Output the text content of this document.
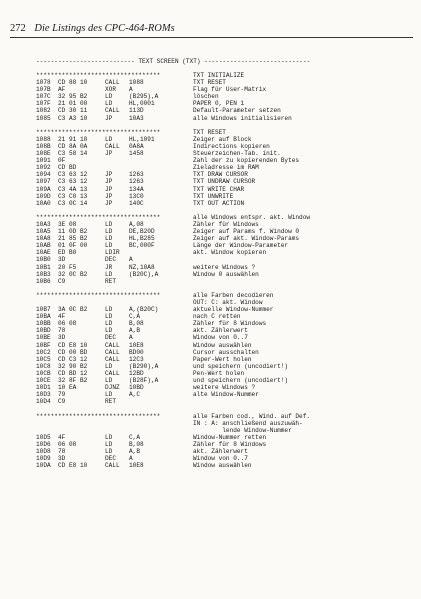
272 Die Listings des CPC-464-ROMs
--------------------------- TEXT SCREEN (TXT) -----------------------------
**********************************	TXT INITIALIZE
1078 CD 88 10	CALL 1088	TXT RESET
107B AF	XOR A	Flag für User-Matrix
107C 32 95 B2	LD	(B295),A	löschen
107F 21 01 00	LD	HL,0001	PAPER 0, PEN 1
1082 CD 30 11	CALL 113D	Default-Parameter setzen
1085 C3 A3 10	JP	10A3	alle Windows initialisieren
**********************************	TXT RESET
1088 21 91 10	LD	HL,1091	Zeiger auf Block
108B CD 8A 0A	CALL 0A8A	Indirections kopieren
108E C3 58 14	JP	1458	Steuerzeichen-Tab. init.
1091 0F	Zahl der zu kopierenden Bytes
1092 CD BD	Zieladresse im RAM
1094 C3 63 12	JP	1263	TXT DRAW CURSOR
1097 C3 63 12	JP	1263	TXT UNDRAW CURSOR
109A C3 4A 13	JP	134A	TXT WRITE CHAR
109D C3 C0 13	JP	13C0	TXT UNWRITE
10A0 C3 0C 14	JP	140C	TXT OUT ACTION
**********************************	alle Windows entspr. akt. Window
10A3 3E 08	LD	A,08	Zähler für Windows
10A5 11 0D B2	LD	DE,B20D	Zeiger auf Params f. Window 0
10A8 21 85 B2	LD	HL,B285	Zeiger auf akt. Window-Params
10AB 01 0F 00	LD	BC,000F	Länge der Window-Parameter
10AE ED B0	LDIR	akt. Window kopieren
10B0 3D	DEC A
10B1 20 F5	JR	NZ,10A8	weitere Windows ?
10B3 32 0C B2	LD	(B20C),A	Window 0 auswählen
10B6 C9	RET
**********************************	alle Farben decodieren
OUT: C: akt. Window
10B7 3A 0C B2	LD	A,(B20C)	aktuelle Window-Nummer
10BA 4F	LD	C,A	nach C retten
10BB 06 08	LD	B,08	Zähler für 8 Windows
10BD 78	LD	A,B	akt. Zählerwert
10BE 3D	DEC A	Window von 0..7
10BF CD E8 10	CALL 10E8	Window auswählen
10C2 CD 00 BD	CALL BD00	Cursor ausschalten
10C5 CD C3 12	CALL 12C3	Paper-Wert holen
10C8 32 90 B2	LD	(B290),A	und speichern (uncodiert!)
10CB CD BD 12	CALL 12BD	Pen-Wert holen
10CE 32 8F B2	LD	(B28F),A	und speichern (uncodiert!)
10D1 10 EA	DJNZ 10BD	weitere Windows ?
10D3 79	LD	A,C	alte Window-Nummer
10D4 C9	RET
**********************************	alle Farben cod., Wind. auf Def.
IN : A: anschließend auszuwäh-
lende Window-Nummer
10D5 4F	LD	C,A	Window-Nummer retten
10D6 06 08	LD	B,08	Zähler für 8 Windows
10D8 78	LD	A,B	akt. Zählerwert
10D9 3D	DEC A	Window von 0..7
10DA CD E8 10	CALL 10E8	Window auswählen
